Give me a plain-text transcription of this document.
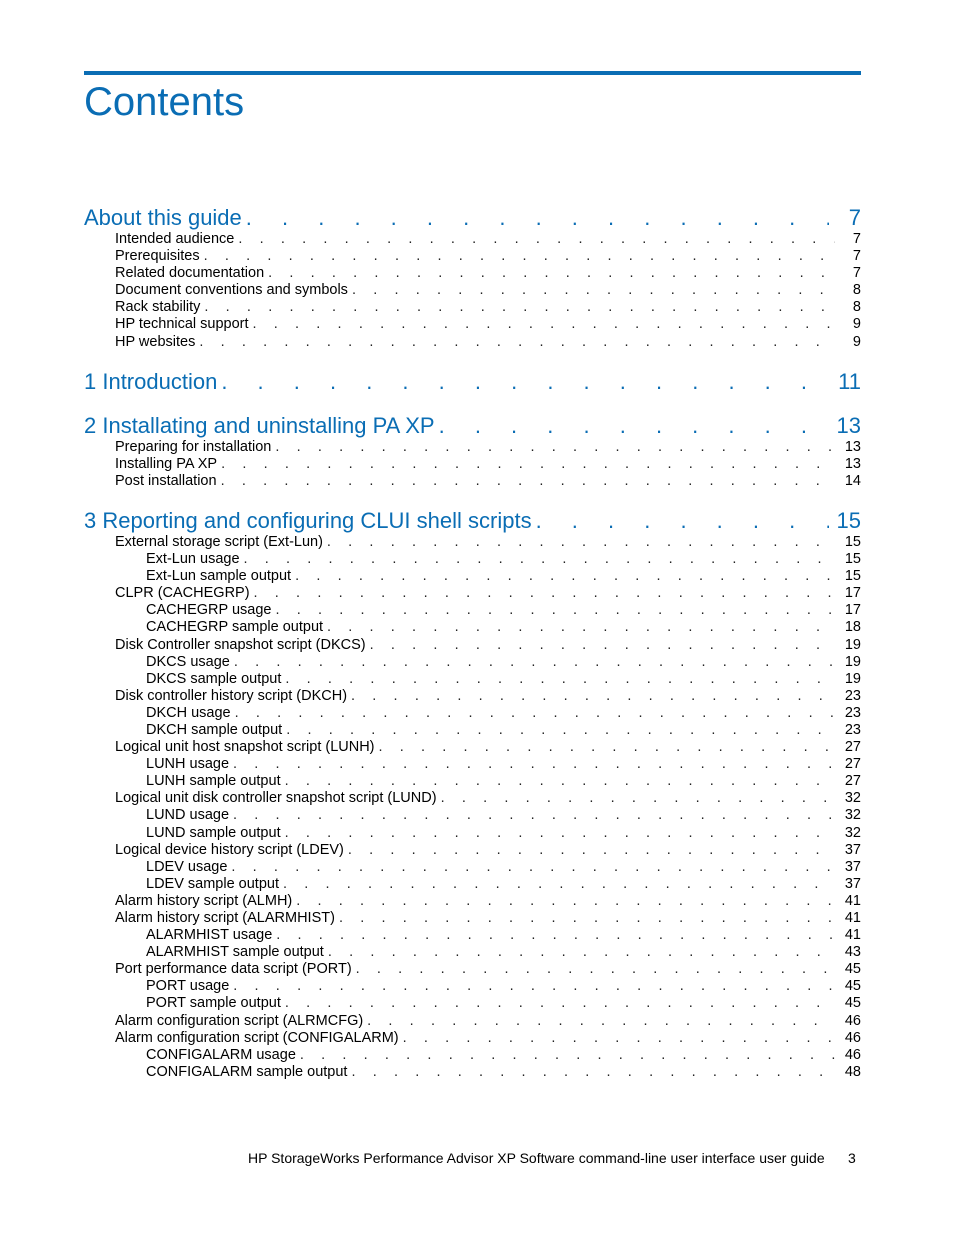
Contents
About this guide . . .	7
Intended audience . . .	7
Prerequisites . . .	7
Related documentation . . .	7
Document conventions and symbols . . .	8
Rack stability . . .	8
HP technical support . . .	9
HP websites . . .	9
1 Introduction . . .	11
2 Installating and uninstalling PA XP . . .	13
Preparing for installation . . .	13
Installing PA XP . . .	13
Post installation . . .	14
3 Reporting and configuring CLUI shell scripts . . .	15
External storage script (Ext-Lun) . . .	15
Ext-Lun usage . . .	15
Ext-Lun sample output . . .	15
CLPR (CACHEGRP) . . .	17
CACHEGRP usage . . .	17
CACHEGRP sample output . . .	18
Disk Controller snapshot script (DKCS) . . .	19
DKCS usage . . .	19
DKCS sample output . . .	19
Disk controller history script (DKCH) . . .	23
DKCH usage . . .	23
DKCH sample output . . .	23
Logical unit host snapshot script (LUNH) . . .	27
LUNH usage . . .	27
LUNH sample output . . .	27
Logical unit disk controller snapshot script (LUND) . . .	32
LUND usage . . .	32
LUND sample output . . .	32
Logical device history script (LDEV) . . .	37
LDEV usage . . .	37
LDEV sample output . . .	37
Alarm history script (ALMH) . . .	41
Alarm history script (ALARMHIST) . . .	41
ALARMHIST usage . . .	41
ALARMHIST sample output . . .	43
Port performance data script (PORT) . . .	45
PORT usage . . .	45
PORT sample output . . .	45
Alarm configuration script (ALRMCFG) . . .	46
Alarm configuration script (CONFIGALARM) . . .	46
CONFIGALARM usage . . .	46
CONFIGALARM sample output . . .	48
HP StorageWorks Performance Advisor XP Software command-line user interface user guide 3
